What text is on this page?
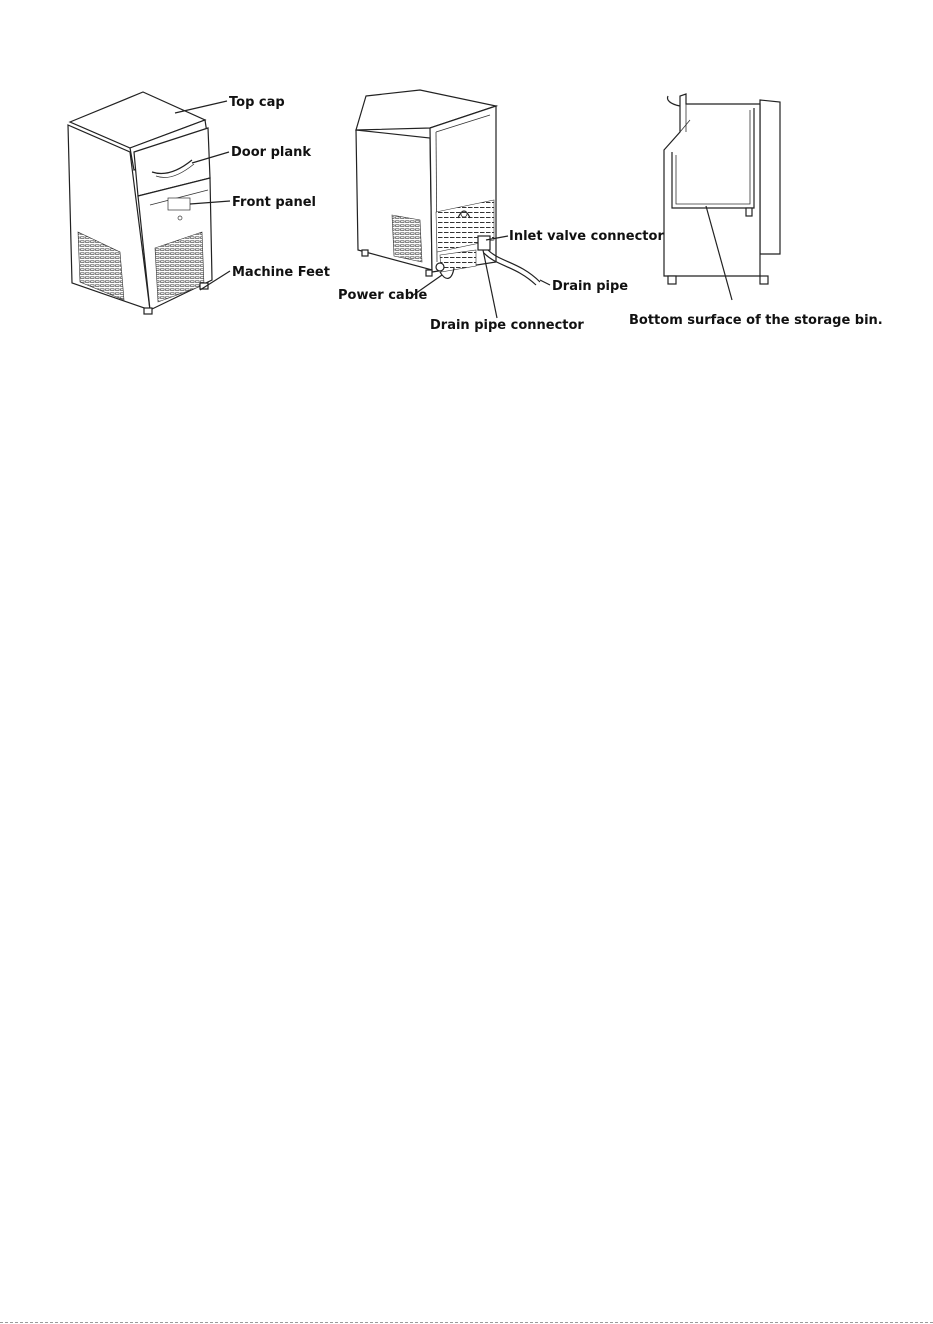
Top cap
Door plank
Front panel
Machine Feet
Inlet valve connector
Drain pipe
Power cable
Drain pipe connector	Bottom surface of the storage bin.
